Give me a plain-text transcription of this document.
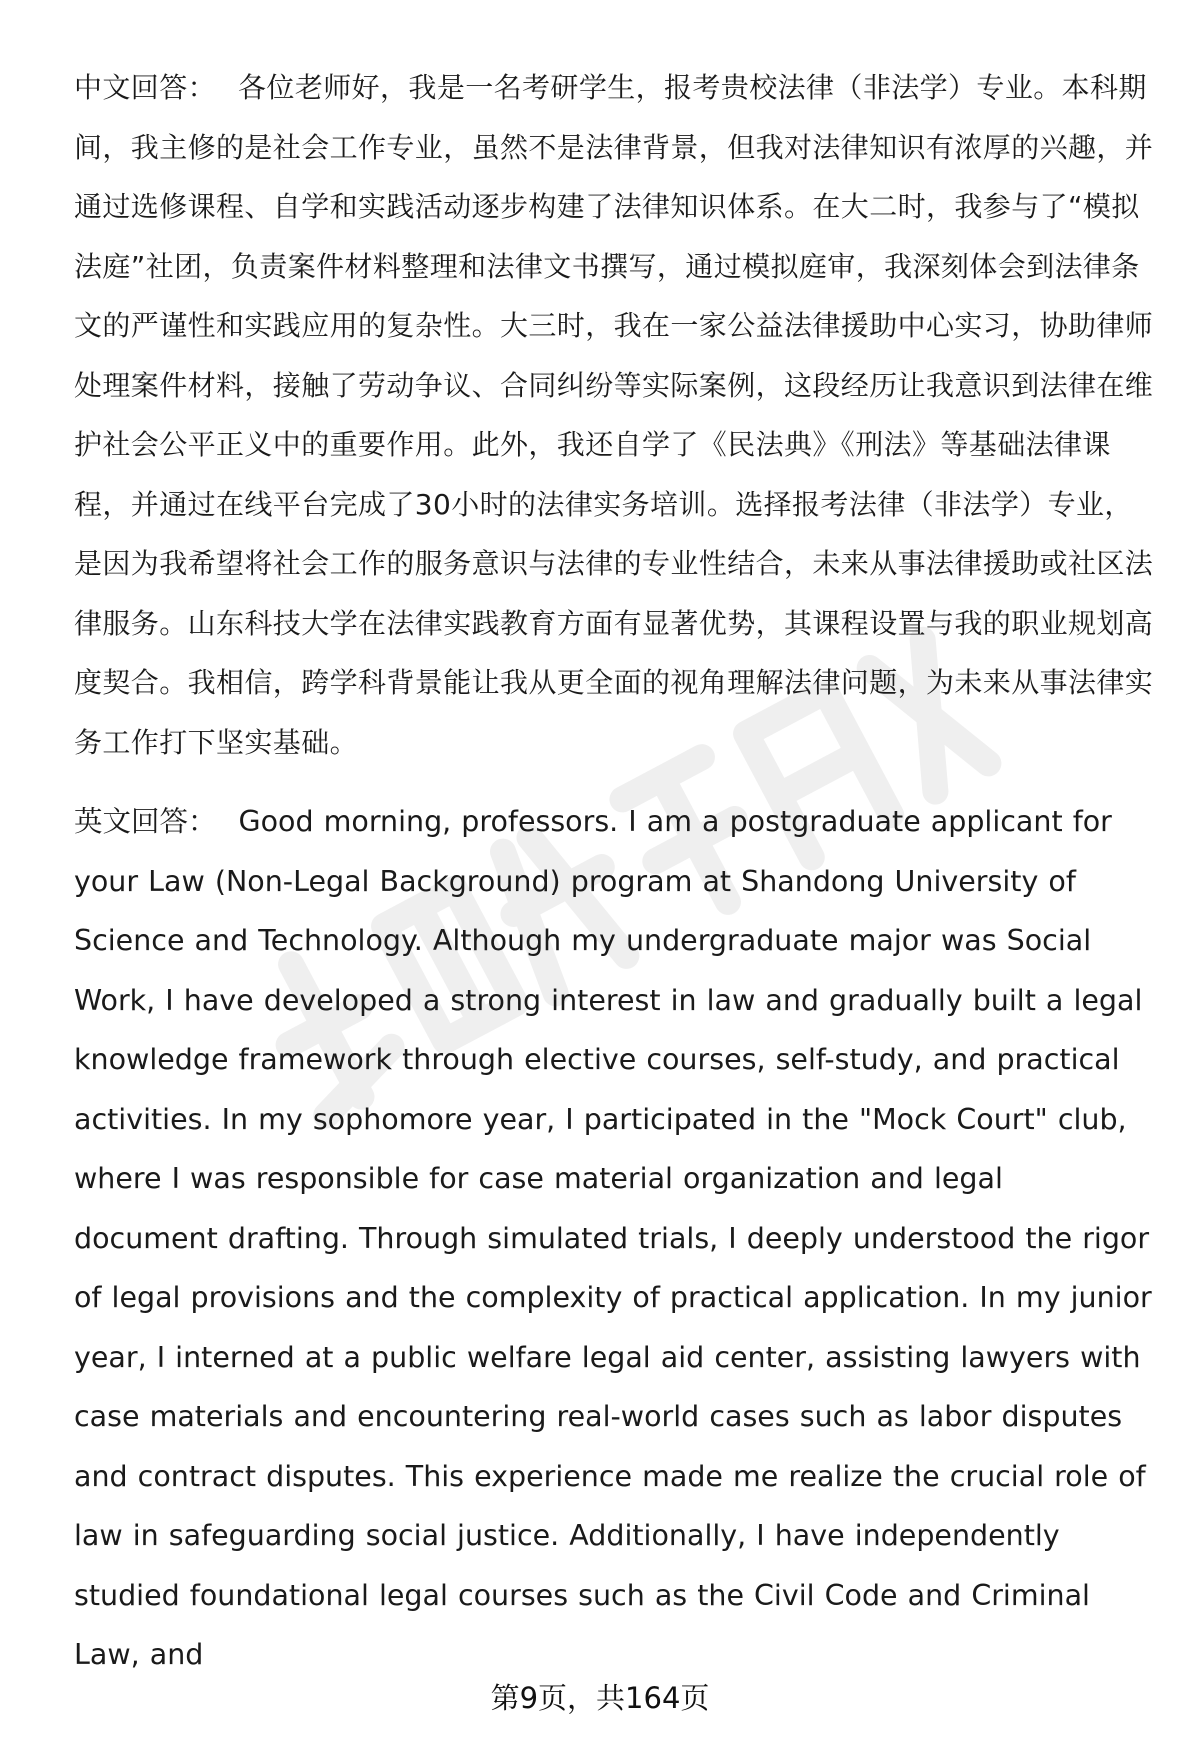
中文回答： 各位老师好，我是一名考研学生，报考贵校法律（非法学）专业。本科期间，我主修的是社会工作专业，虽然不是法律背景，但我对法律知识有浓厚的兴趣，并通过选修课程、自学和实践活动逐步构建了法律知识体系。在大二时，我参与了“模拟法庭”社团，负责案件材料整理和法律文书撰写，通过模拟庭审，我深刻体会到法律条文的严谨性和实践应用的复杂性。大三时，我在一家公益法律援助中心实习，协助律师处理案件材料，接触了劳动争议、合同纠纷等实际案例，这段经历让我意识到法律在维护社会公平正义中的重要作用。此外，我还自学了《民法典》《刑法》等基础法律课程，并通过在线平台完成了30小时的法律实务培训。选择报考法律（非法学）专业，是因为我希望将社会工作的服务意识与法律的专业性结合，未来从事法律援助或社区法律服务。山东科技大学在法律实践教育方面有显著优势，其课程设置与我的职业规划高度契合。我相信，跨学科背景能让我从更全面的视角理解法律问题，为未来从事法律实务工作打下坚实基础。

英文回答： Good morning, professors. I am a postgraduate applicant for your Law (Non-Legal Background) program at Shandong University of Science and Technology. Although my undergraduate major was Social Work, I have developed a strong interest in law and gradually built a legal knowledge framework through elective courses, self-study, and practical activities. In my sophomore year, I participated in the "Mock Court" club, where I was responsible for case material organization and legal document drafting. Through simulated trials, I deeply understood the rigor of legal provisions and the complexity of practical application. In my junior year, I interned at a public welfare legal aid center, assisting lawyers with case materials and encountering real-world cases such as labor disputes and contract disputes. This experience made me realize the crucial role of law in safeguarding social justice. Additionally, I have independently studied foundational legal courses such as the Civil Code and Criminal Law, and

第9页，共164页
